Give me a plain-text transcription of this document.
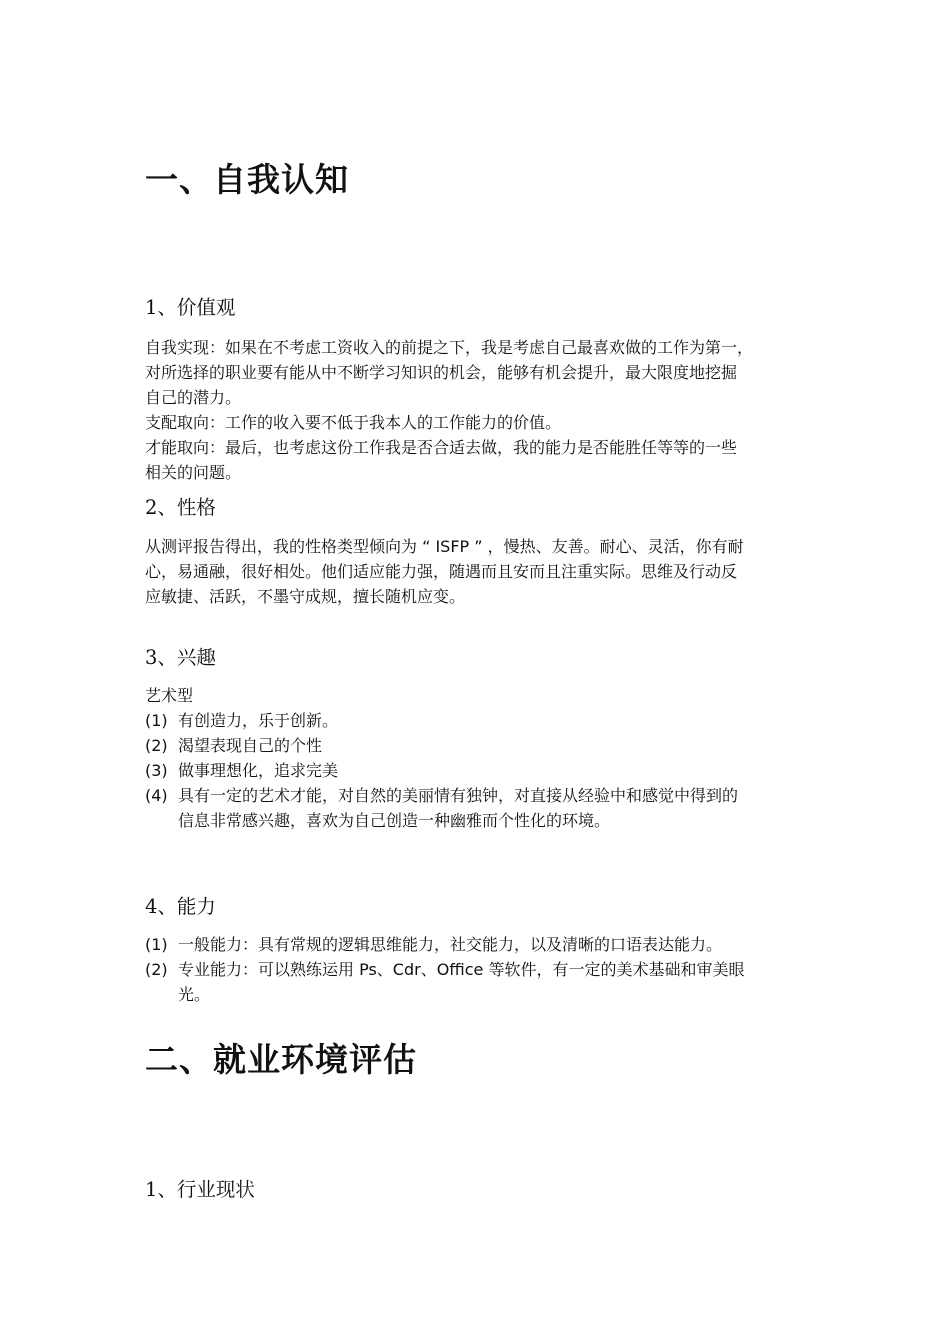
一、自我认知
1、价值观
自我实现：如果在不考虑工资收入的前提之下，我是考虑自己最喜欢做的工作为第一，
对所选择的职业要有能从中不断学习知识的机会，能够有机会提升，最大限度地挖掘
自己的潜力。
支配取向：工作的收入要不低于我本人的工作能力的价值。
才能取向：最后，也考虑这份工作我是否合适去做，我的能力是否能胜任等等的一些
相关的问题。
2、性格
从测评报告得出，我的性格类型倾向为 “ ISFP ” ，慢热、友善。耐心、灵活，你有耐
心，易通融，很好相处。他们适应能力强，随遇而且安而且注重实际。思维及行动反
应敏捷、活跃，不墨守成规，擅长随机应变。
3、兴趣
艺术型
(1) 有创造力，乐于创新。
(2) 渴望表现自己的个性
(3) 做事理想化，追求完美
(4) 具有一定的艺术才能，对自然的美丽情有独钟，对直接从经验中和感觉中得到的
信息非常感兴趣，喜欢为自己创造一种幽雅而个性化的环境。
4、能力
(1) 一般能力：具有常规的逻辑思维能力，社交能力，以及清晰的口语表达能力。
(2) 专业能力：可以熟练运用 Ps、Cdr、Office 等软件，有一定的美术基础和审美眼
光。
二、就业环境评估
1、行业现状
